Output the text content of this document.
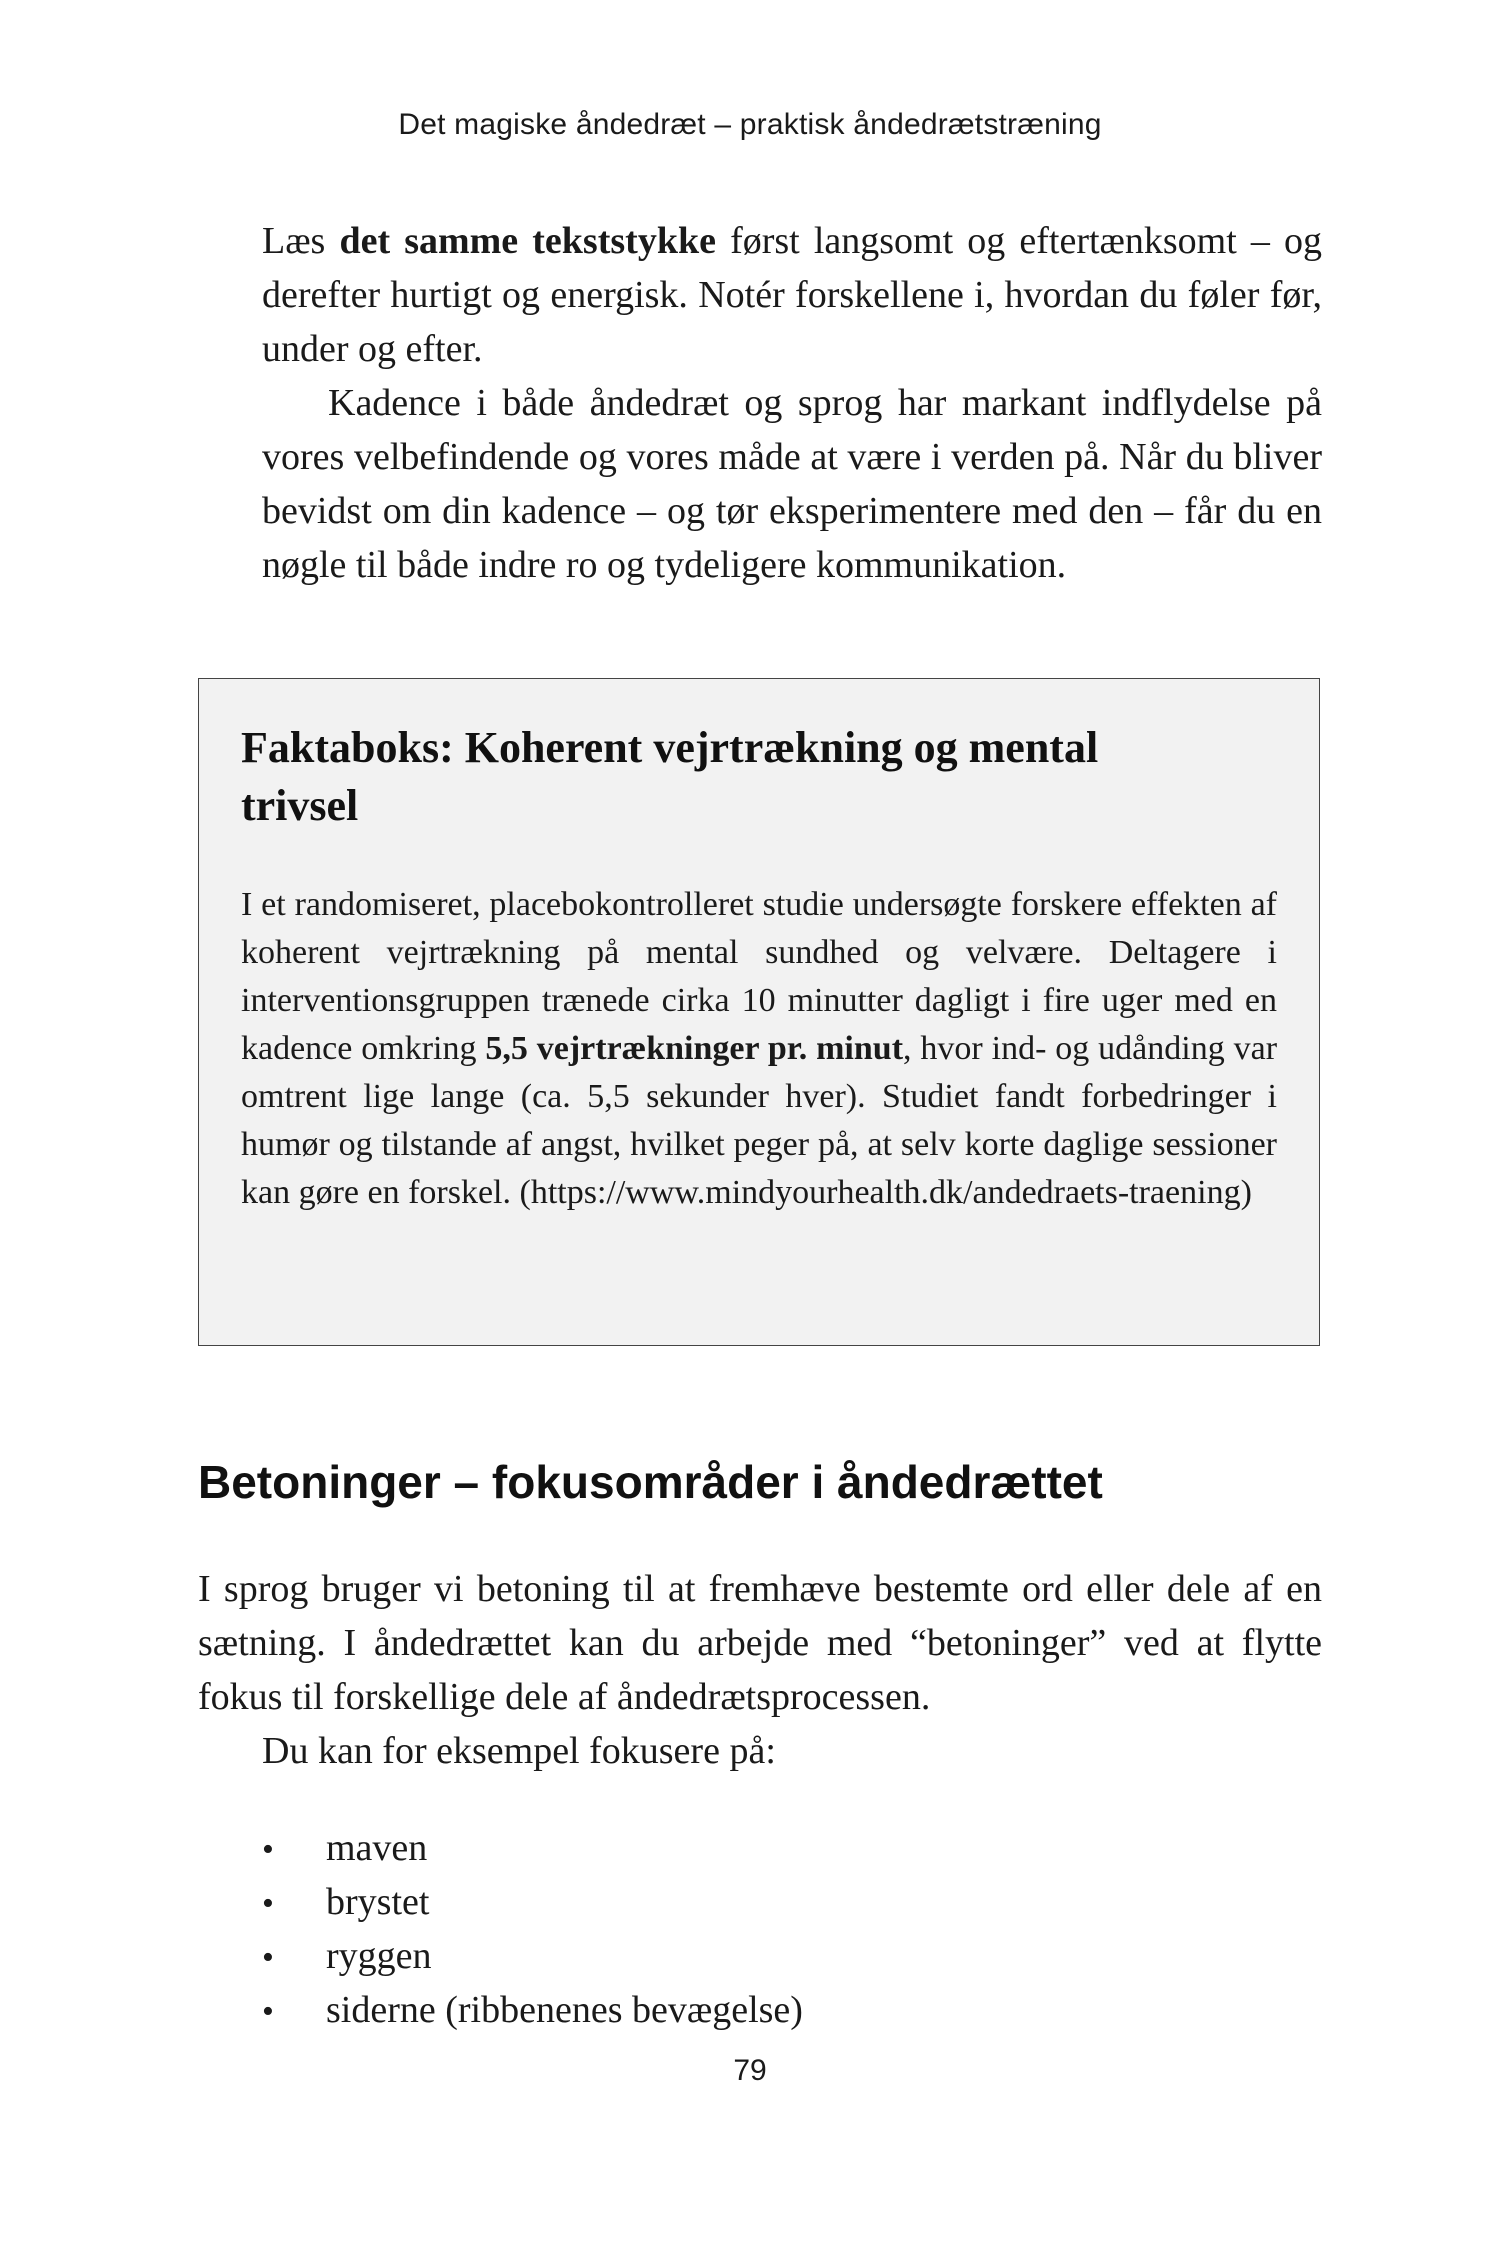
Det magiske åndedræt – praktisk åndedrætstræning

Læs det samme tekststykke først langsomt og eftertænksomt – og derefter hurtigt og energisk. Notér forskellene i, hvordan du føler før, under og efter.

Kadence i både åndedræt og sprog har markant indflydelse på vores velbefindende og vores måde at være i verden på. Når du bliver bevidst om din kadence – og tør eksperimentere med den – får du en nøgle til både indre ro og tydeligere kommunikation.

Faktaboks: Koherent vejrtrækning og mental trivsel

I et randomiseret, placebokontrolleret studie undersøgte forskere effekten af koherent vejrtrækning på mental sundhed og velvære. Deltagere i interventionsgruppen trænede cirka 10 minutter dagligt i fire uger med en kadence omkring 5,5 vejrtrækninger pr. minut, hvor ind- og udånding var omtrent lige lange (ca. 5,5 sekunder hver). Studiet fandt forbedringer i humør og tilstande af angst, hvilket peger på, at selv korte daglige sessioner kan gøre en forskel. (https://www.mindyourhealth.dk/andedraets-traening)

Betoninger – fokusområder i åndedrættet

I sprog bruger vi betoning til at fremhæve bestemte ord eller dele af en sætning. I åndedrættet kan du arbejde med “betoninger” ved at flytte fokus til forskellige dele af åndedrætsprocessen.

Du kan for eksempel fokusere på:

•	maven
•	brystet
•	ryggen
•	siderne (ribbenenes bevægelse)
79
